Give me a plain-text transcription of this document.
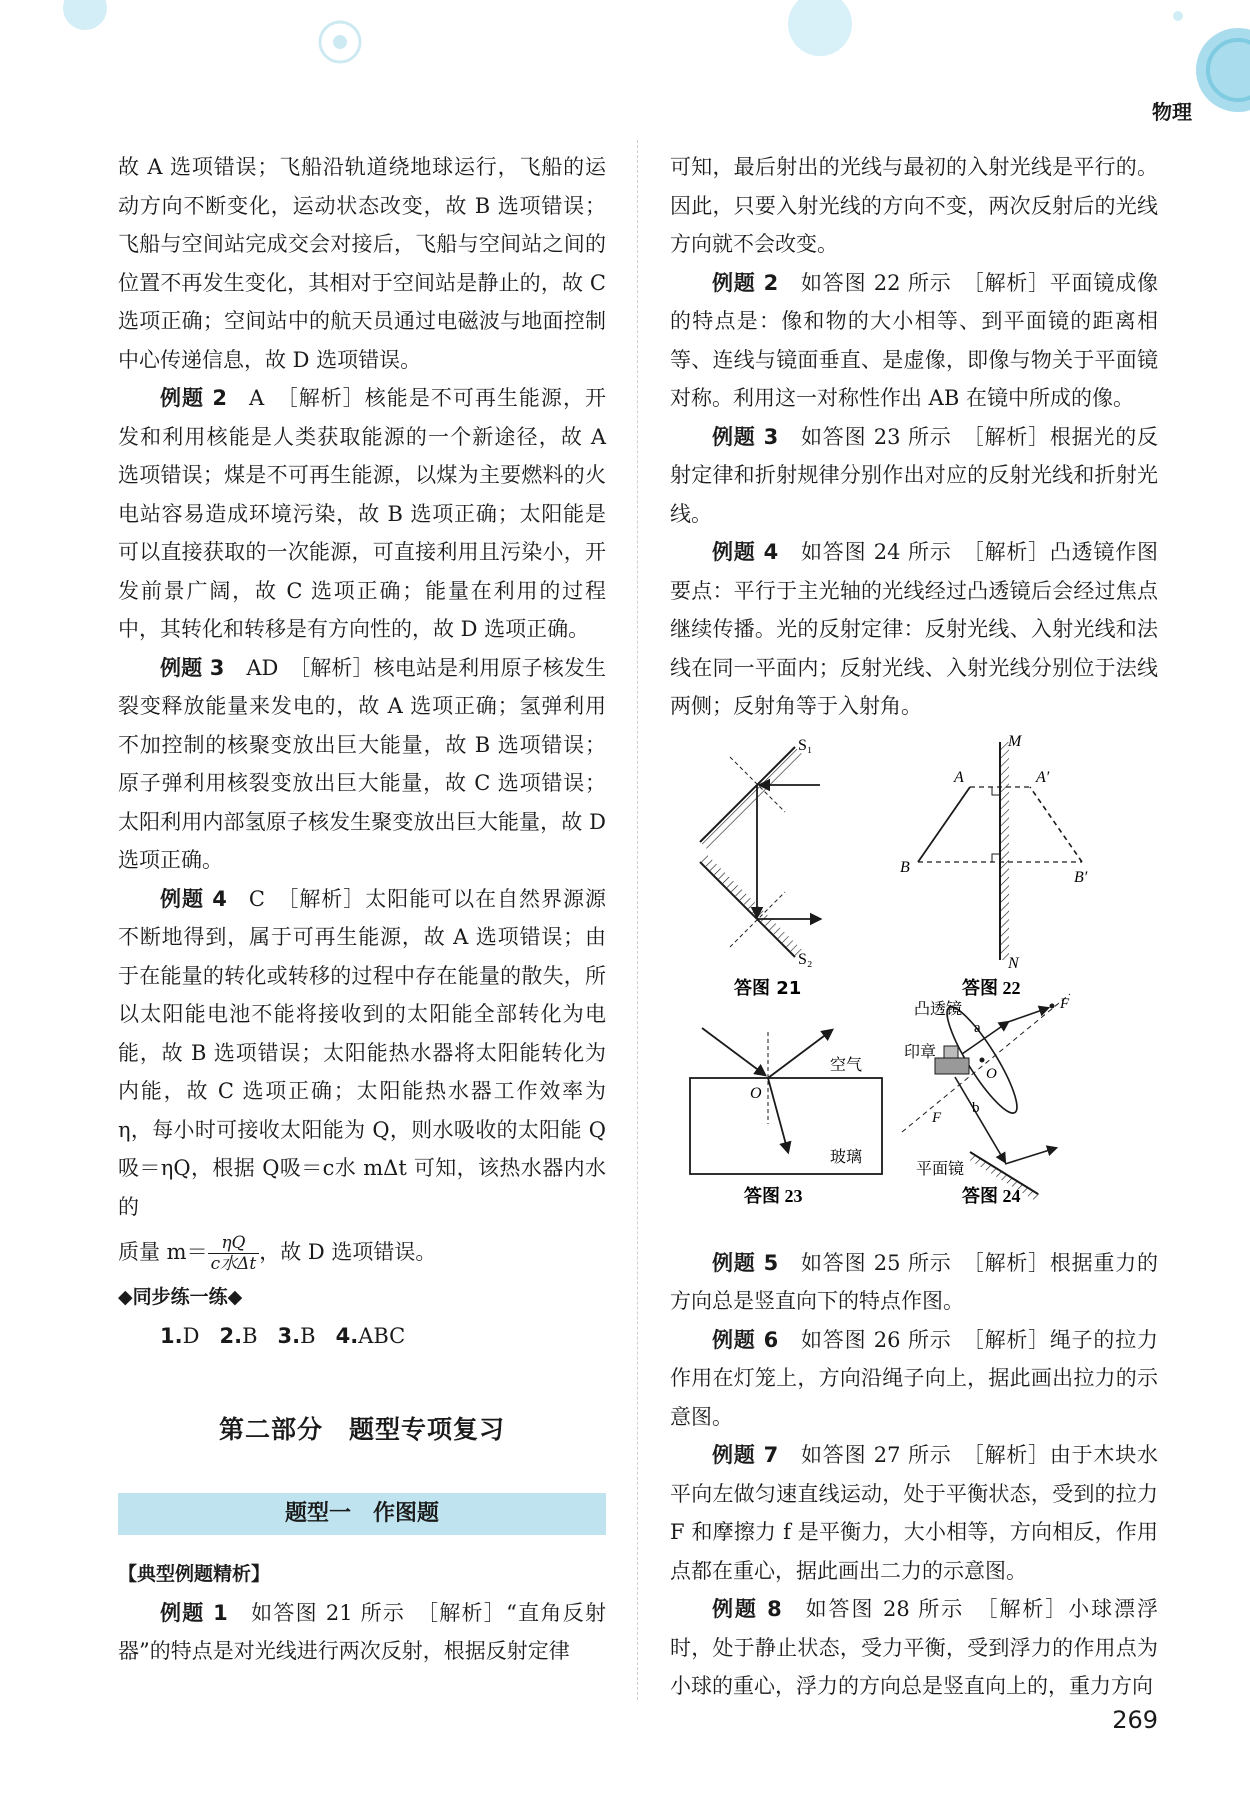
物理

故 A 选项错误；飞船沿轨道绕地球运行，飞船的运动方向不断变化，运动状态改变，故 B 选项错误；飞船与空间站完成交会对接后，飞船与空间站之间的位置不再发生变化，其相对于空间站是静止的，故 C 选项正确；空间站中的航天员通过电磁波与地面控制中心传递信息，故 D 选项错误。

例题 2 A　［解析］核能是不可再生能源，开发和利用核能是人类获取能源的一个新途径，故 A 选项错误；煤是不可再生能源，以煤为主要燃料的火电站容易造成环境污染，故 B 选项正确；太阳能是可以直接获取的一次能源，可直接利用且污染小，开发前景广阔，故 C 选项正确；能量在利用的过程中，其转化和转移是有方向性的，故 D 选项正确。

例题 3 AD　［解析］核电站是利用原子核发生裂变释放能量来发电的，故 A 选项正确；氢弹利用不加控制的核聚变放出巨大能量，故 B 选项错误；原子弹利用核裂变放出巨大能量，故 C 选项错误；太阳利用内部氢原子核发生聚变放出巨大能量，故 D 选项正确。

例题 4 C　［解析］太阳能可以在自然界源源不断地得到，属于可再生能源，故 A 选项错误；由于在能量的转化或转移的过程中存在能量的散失，所以太阳能电池不能将接收到的太阳能全部转化为电能，故 B 选项错误；太阳能热水器将太阳能转化为内能，故 C 选项正确；太阳能热水器工作效率为 η，每小时可接收太阳能为 Q，则水吸收的太阳能 Q吸＝ηQ，根据 Q吸＝c水 mΔt 可知，该热水器内水的

质量 $m= \frac{\eta Q}{\text{c水Δt}}$ ，故 D 选项错误。

◆同步练一练◆

1.D 2.B 3.B 4.ABC

第二部分　题型专项复习
题型一　作图题

【典型例题精析】

例题 1 如答图 21 所示　［解析］“直角反射器”的特点是对光线进行两次反射，根据反射定律

可知，最后射出的光线与最初的入射光线是平行的。因此，只要入射光线的方向不变，两次反射后的光线方向就不会改变。

例题 2 如答图 22 所示　［解析］平面镜成像的特点是：像和物的大小相等、到平面镜的距离相等、连线与镜面垂直、是虚像，即像与物关于平面镜对称。利用这一对称性作出 AB 在镜中所成的像。

例题 3 如答图 23 所示　［解析］根据光的反射定律和折射规律分别作出对应的反射光线和折射光线。

例题 4 如答图 24 所示　［解析］凸透镜作图要点：平行于主光轴的光线经过凸透镜后会经过焦点继续传播。光的反射定律：反射光线、入射光线和法线在同一平面内；反射光线、入射光线分别位于法线两侧；反射角等于入射角。

S₁
S₂
答图 21
M
N
A	A′
B
B′
答图 22
O
空气
玻璃
答图 23
凸透镜
印章
平面镜
F
F
O
a
b
答图 24

例题 5 如答图 25 所示　［解析］根据重力的方向总是竖直向下的特点作图。

例题 6 如答图 26 所示　［解析］绳子的拉力作用在灯笼上，方向沿绳子向上，据此画出拉力的示意图。

例题 7 如答图 27 所示　［解析］由于木块水平向左做匀速直线运动，处于平衡状态，受到的拉力 F 和摩擦力 f 是平衡力，大小相等，方向相反，作用点都在重心，据此画出二力的示意图。

例题 8 如答图 28 所示　［解析］小球漂浮时，处于静止状态，受力平衡，受到浮力的作用点为小球的重心，浮力的方向总是竖直向上的，重力方向

269
